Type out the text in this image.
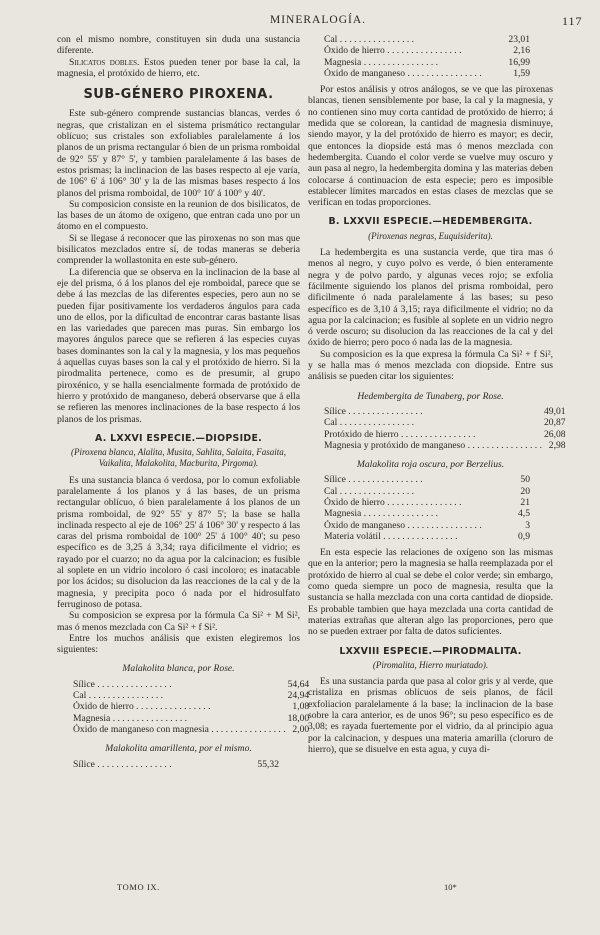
MINERALOGÍA.	117

con el mismo nombre, constituyen sin duda una sustancia diferente.

Silicatos dobles. Estos pueden tener por base la cal, la magnesia, el protóxido de hierro, etc.

SUB-GÉNERO PIROXENA.

Este sub-género comprende sustancias blancas, verdes ó negras, que cristalizan en el sistema prismático rectangular oblícuo; sus cristales son exfoliables paralelamente á los planos de un prisma rectangular ó bien de un prisma romboidal de 92° 55' y 87° 5', y tambien paralelamente á las bases de estos prismas; la inclinacion de las bases respecto al eje varía, de 106° 6' á 106° 30' y la de las mismas bases respecto á los planos del prisma romboidal, de 100° 10' á 100° y 40'.

Su composicion consiste en la reunion de dos bisilicatos, de las bases de un átomo de oxígeno, que entran cada uno por un átomo en el compuesto.

Si se llegase á reconocer que las piroxenas no son mas que bisilicatos mezclados entre sí, de todas maneras se deberia comprender la wollastonita en este sub-género.

La diferencia que se observa en la inclinacion de la base al eje del prisma, ó á los planos del eje romboidal, parece que se debe á las mezclas de las diferentes especies, pero aun no se pueden fijar positivamente los verdaderos ángulos para cada uno de ellos, por la dificultad de encontrar caras bastante lisas en las variedades que parecen mas puras. Sin embargo los mayores ángulos parece que se refieren á las especies cuyas bases dominantes son la cal y la magnesia, y los mas pequeños á aquellas cuyas bases son la cal y el protóxido de hierro. Si la pirodmalita pertenece, como es de presumir, al grupo piroxénico, y se halla esencialmente formada de protóxido de hierro y protóxido de manganeso, deberá observarse que á ella se refieren las menores inclinaciones de la base respecto á los planos de los prismas.

A. LXXVI ESPECIE.—DIOPSIDE.
(Piroxena blanca, Alalita, Musita, Sahlita, Salaita, Fasaita, Vaikalita, Malakolita, Macburita, Pirgoma).

Es una sustancia blanca ó verdosa, por lo comun exfoliable paralelamente á los planos y á las bases, de un prisma rectangular oblícuo, ó bien paralelamente á los planos de un prisma romboidal, de 92° 55' y 87° 5'; la base se halla inclinada respecto al eje de 106° 25' á 106° 30' y respecto á las caras del prisma romboidal de 100° 25' á 100° 40'; su peso específico es de 3,25 á 3,34; raya dificilmente el vidrio; es rayado por el cuarzo; no da agua por la calcinacion; es fusible al soplete en un vidrio incoloro ó casi incoloro; es inatacable por los ácidos; su disolucion da las reacciones de la cal y de la magnesia, y precipita poco ó nada por el hidrosulfato ferruginoso de potasa.

Su composicion se expresa por la fórmula Ca Si² + M Si², mas ó menos mezclada con Ca Si² + f Si².

Entre los muchos análisis que existen elegiremos los siguientes:

Malakolita blanca, por Rose.
Sílice . . .	54,64
Cal . . .	24,94
Óxido de hierro . . .	1,08
Magnesia . . .	18,00
Óxido de manganeso con magnesia . . .	2,00
Malakolita amarillenta, por el mismo.
Sílice . . .	55,32
Cal . . .	23,01
Óxido de hierro . . .	2,16
Magnesia . . .	16,99
Óxido de manganeso . . .	1,59

Por estos análisis y otros análogos, se ve que las piroxenas blancas, tienen sensiblemente por base, la cal y la magnesia, y no contienen sino muy corta cantidad de protóxido de hierro; á medida que se colorean, la cantidad de magnesia disminuye, siendo mayor, y la del protóxido de hierro es mayor; es decir, que entonces la diopside está mas ó menos mezclada con hedembergita. Cuando el color verde se vuelve muy oscuro y aun pasa al negro, la hedembergita domina y las materias deben colocarse á continuacion de esta especie; pero es imposible establecer límites marcados en estas clases de mezclas que se verifican en todas proporciones.

B. LXXVII ESPECIE.—HEDEMBERGITA.
(Piroxenas negras, Euquisiderita).

La hedembergita es una sustancia verde, que tira mas ó menos al negro, y cuyo polvo es verde, ó bien enteramente negra y de polvo pardo, y algunas veces rojo; se exfolia fácilmente siguiendo los planos del prisma romboidal, pero dificilmente ó nada paralelamente á las bases; su peso específico es de 3,10 á 3,15; raya dificilmente el vidrio; no da agua por la calcinacion; es fusible al soplete en un vidrio negro ó verde oscuro; su disolucion da las reacciones de la cal y del óxido de hierro; pero poco ó nada las de la magnesia.

Su composicion es la que expresa la fórmula Ca Si² + f Si², y se halla mas ó menos mezclada con diopside. Entre sus análisis se pueden citar los siguientes:

Hedembergita de Tunaberg, por Rose.
Sílice . . .	49,01
Cal . . .	20,87
Protóxido de hierro . . .	26,08
Magnesia y protóxido de manganeso . . .	2,98
Malakolita roja oscura, por Berzelius.
Sílice . . .	50
Cal . . .	20
Óxido de hierro . . .	21
Magnesia . . .	4,5
Óxido de manganeso . . .	3
Materia volátil . . .	0,9

En esta especie las relaciones de oxígeno son las mismas que en la anterior; pero la magnesia se halla reemplazada por el protóxido de hierro al cual se debe el color verde; sin embargo, como queda siempre un poco de magnesia, resulta que la sustancia se halla mezclada con una corta cantidad de diopside. Es probable tambien que haya mezclada una corta cantidad de materias extrañas que alteran algo las proporciones, pero que no se pueden extraer por falta de datos suficientes.

LXXVIII ESPECIE.—PIRODMALITA.
(Piromalita, Hierro muriatado).

Es una sustancia parda que pasa al color gris y al verde, que cristaliza en prismas oblícuos de seis planos, de fácil exfoliacion paralelamente á la base; la inclinacion de la base sobre la cara anterior, es de unos 96°; su peso específico es de 3,08; es rayada fuertemente por el vidrio, da al principio agua por la calcinacion, y despues una materia amarilla (cloruro de hierro), que se disuelve en esta agua, y cuya di-

TOMO IX.	10*
